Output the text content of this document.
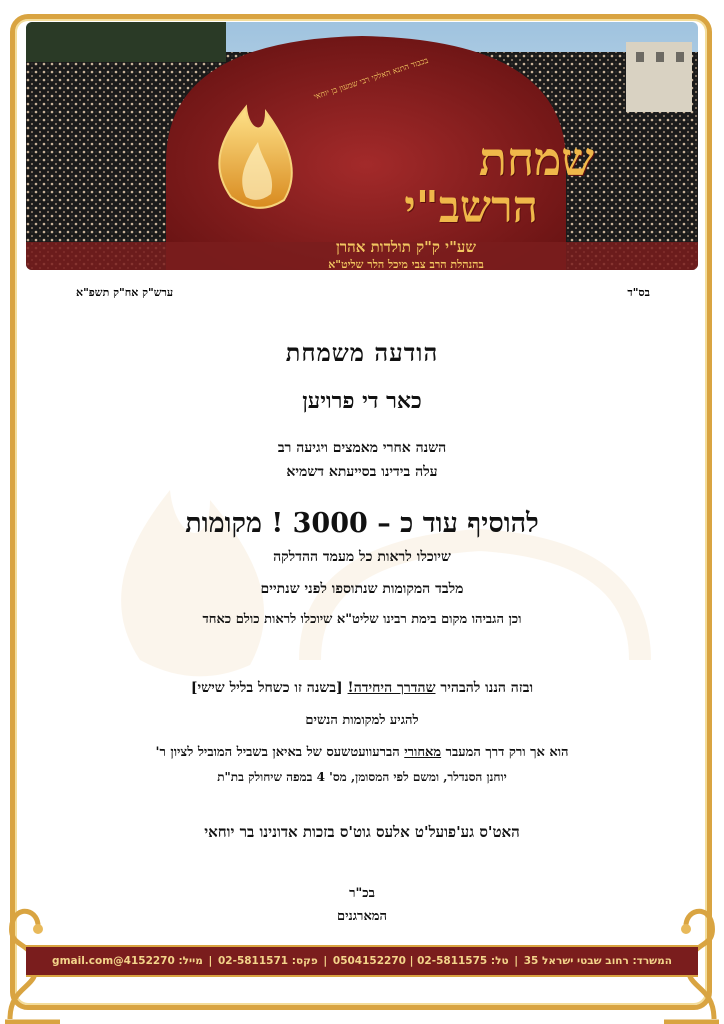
בכבוד התנא האלקי רבי שמעון בן יוחאי
שמחת
הרשב"י
שע"י ק"ק תולדות אהרן
בהנהלת הרב צבי מיכל הלר שליט"א
בס"ד
ערש"ק אח"ק תשפ"א
הודעה משמחת
כאר די פרויען
השנה אחרי מאמצים ויגיעה רב
עלה בידינו בסייעתא דשמיא
להוסיף עוד כ – 3000 ! מקומות
שיוכלו לראות כל מעמד ההדלקה
מלבד המקומות שנתוספו לפני שנתיים
וכן הגביהו מקום בימת רבינו שליט"א שיוכלו לראות כולם כאחד
ובזה הננו להבהיר שהדרך היחידה! [בשנה זו כשחל בליל שישי]
להגיע למקומות הנשים
הוא אך ורק דרך המעבר מאחורי הברעוועטשעס של באיאן בשביל המוביל לציון ר'
יוחנן הסנדלר, ומשם לפי המסומן, מס' 4 במפה שיחולק בת"ת
האט'ס גע'פועל'ט אלעס גוט'ס בזכות אדונינו בר יוחאי
בכ"ר
המארגנים
המשרד: רחוב שבטי ישראל 35 | טל: 02-5811575 | 0504152270 | פקס: 02-5811571 | מייל: 4152270@gmail.com
